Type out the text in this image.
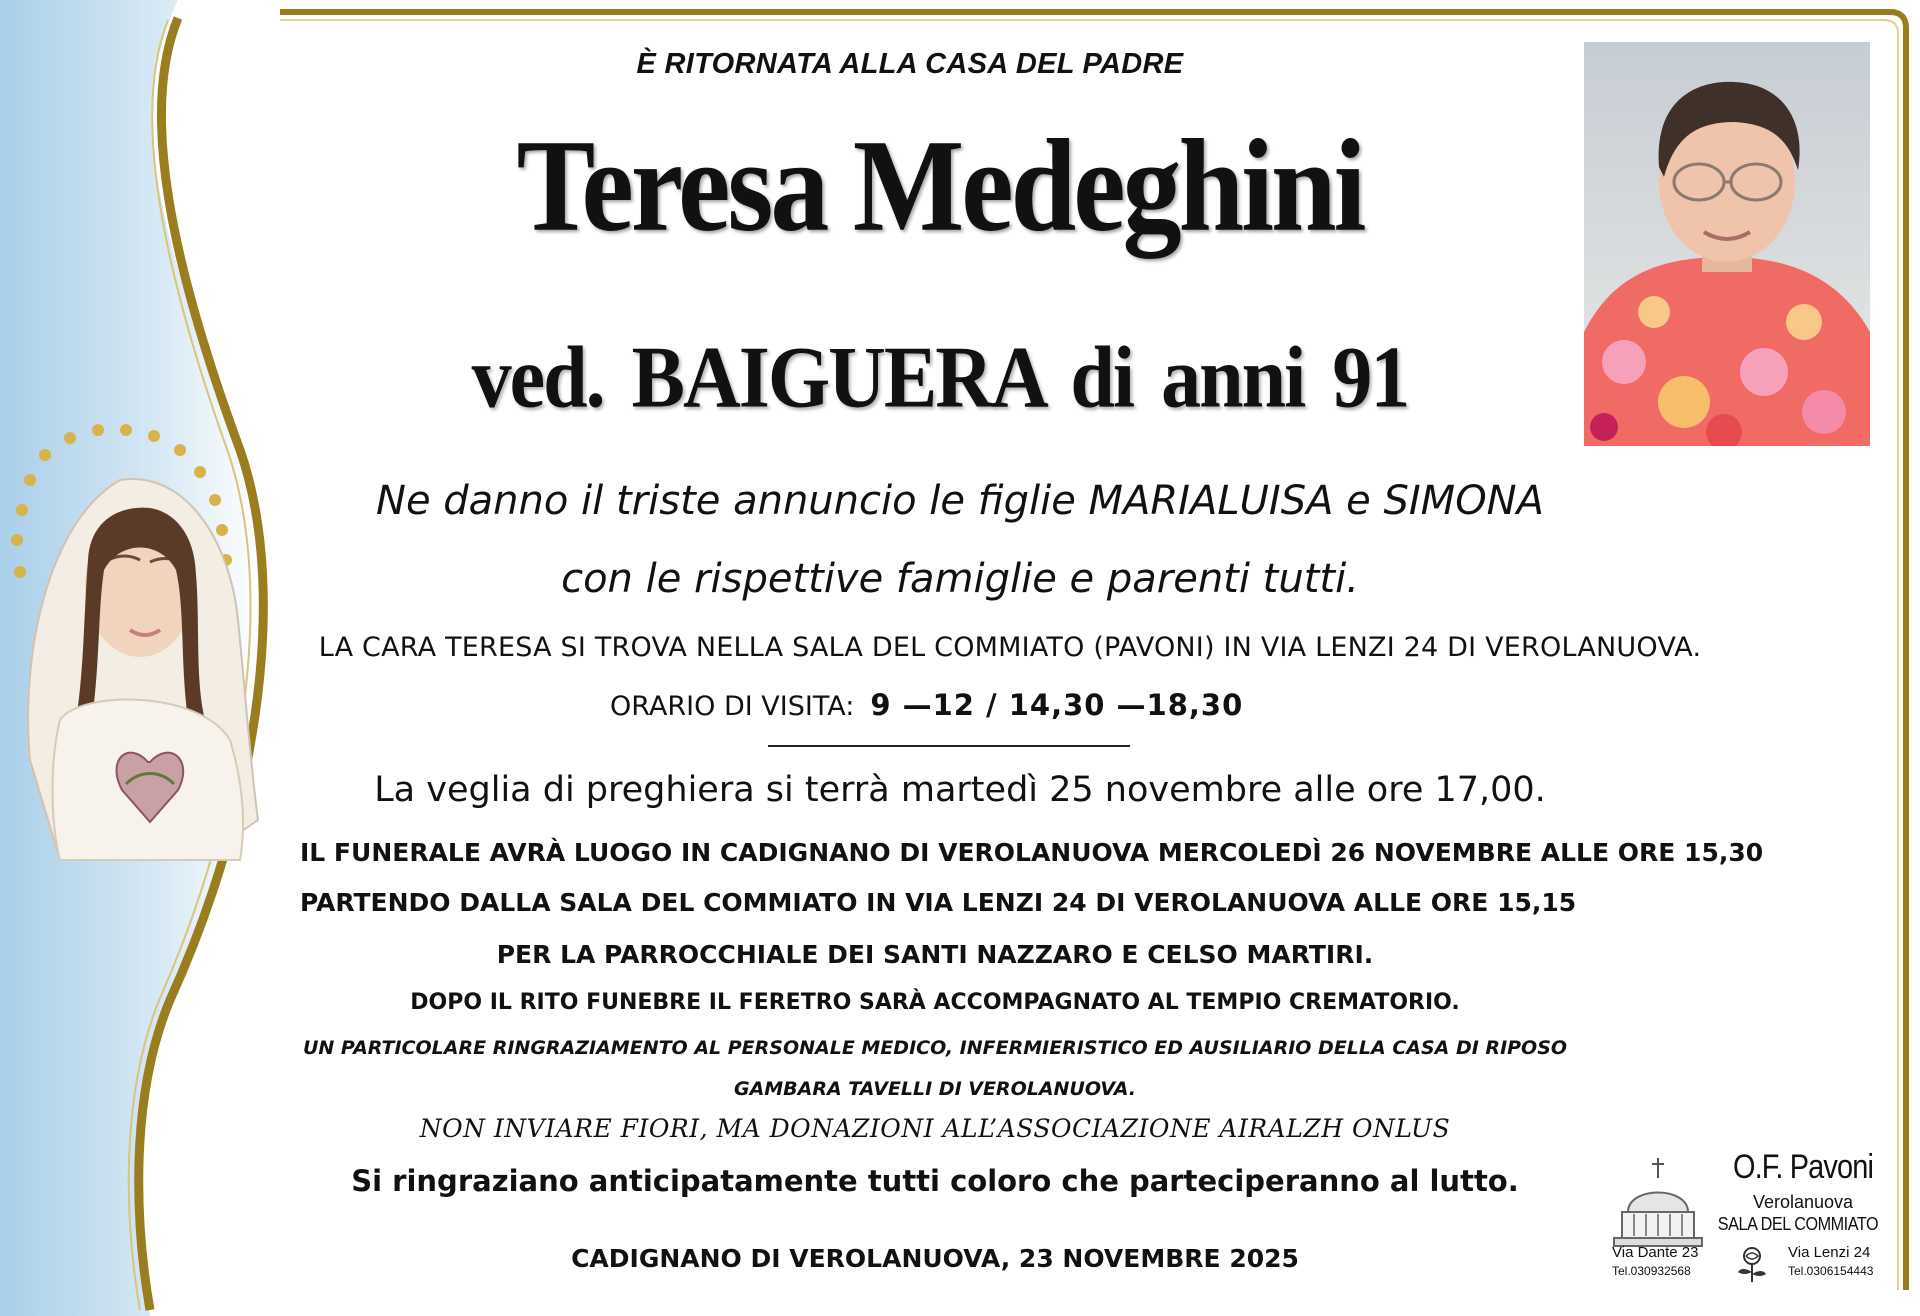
È RITORNATA ALLA CASA DEL PADRE
Teresa Medeghini
ved. BAIGUERA di anni 91
Ne danno il triste annuncio le figlie MARIALUISA e SIMONA
con le rispettive famiglie e parenti tutti.
LA CARA TERESA SI TROVA NELLA SALA DEL COMMIATO (PAVONI) IN VIA LENZI 24 DI VEROLANUOVA.
ORARIO DI VISITA: 9 —12 / 14,30 —18,30
La veglia di preghiera si terrà martedì 25 novembre alle ore 17,00.
IL FUNERALE AVRÀ LUOGO IN CADIGNANO DI VEROLANUOVA MERCOLEDÌ 26 NOVEMBRE ALLE ORE 15,30
PARTENDO DALLA SALA DEL COMMIATO IN VIA LENZI 24 DI VEROLANUOVA ALLE ORE 15,15
PER LA PARROCCHIALE DEI SANTI NAZZARO E CELSO MARTIRI.
DOPO IL RITO FUNEBRE IL FERETRO SARÀ ACCOMPAGNATO AL TEMPIO CREMATORIO.
UN PARTICOLARE RINGRAZIAMENTO AL PERSONALE MEDICO, INFERMIERISTICO ED AUSILIARIO DELLA CASA DI RIPOSO
GAMBARA TAVELLI DI VEROLANUOVA.
NON INVIARE FIORI, MA DONAZIONI ALL’ASSOCIAZIONE AIRALZH ONLUS
Si ringraziano anticipatamente tutti coloro che parteciperanno al lutto.
CADIGNANO DI VEROLANUOVA, 23 NOVEMBRE 2025
O.F. Pavoni
Verolanuova
SALA DEL COMMIATO
Via Dante 23
Tel.030932568
Via Lenzi 24
Tel.0306154443
